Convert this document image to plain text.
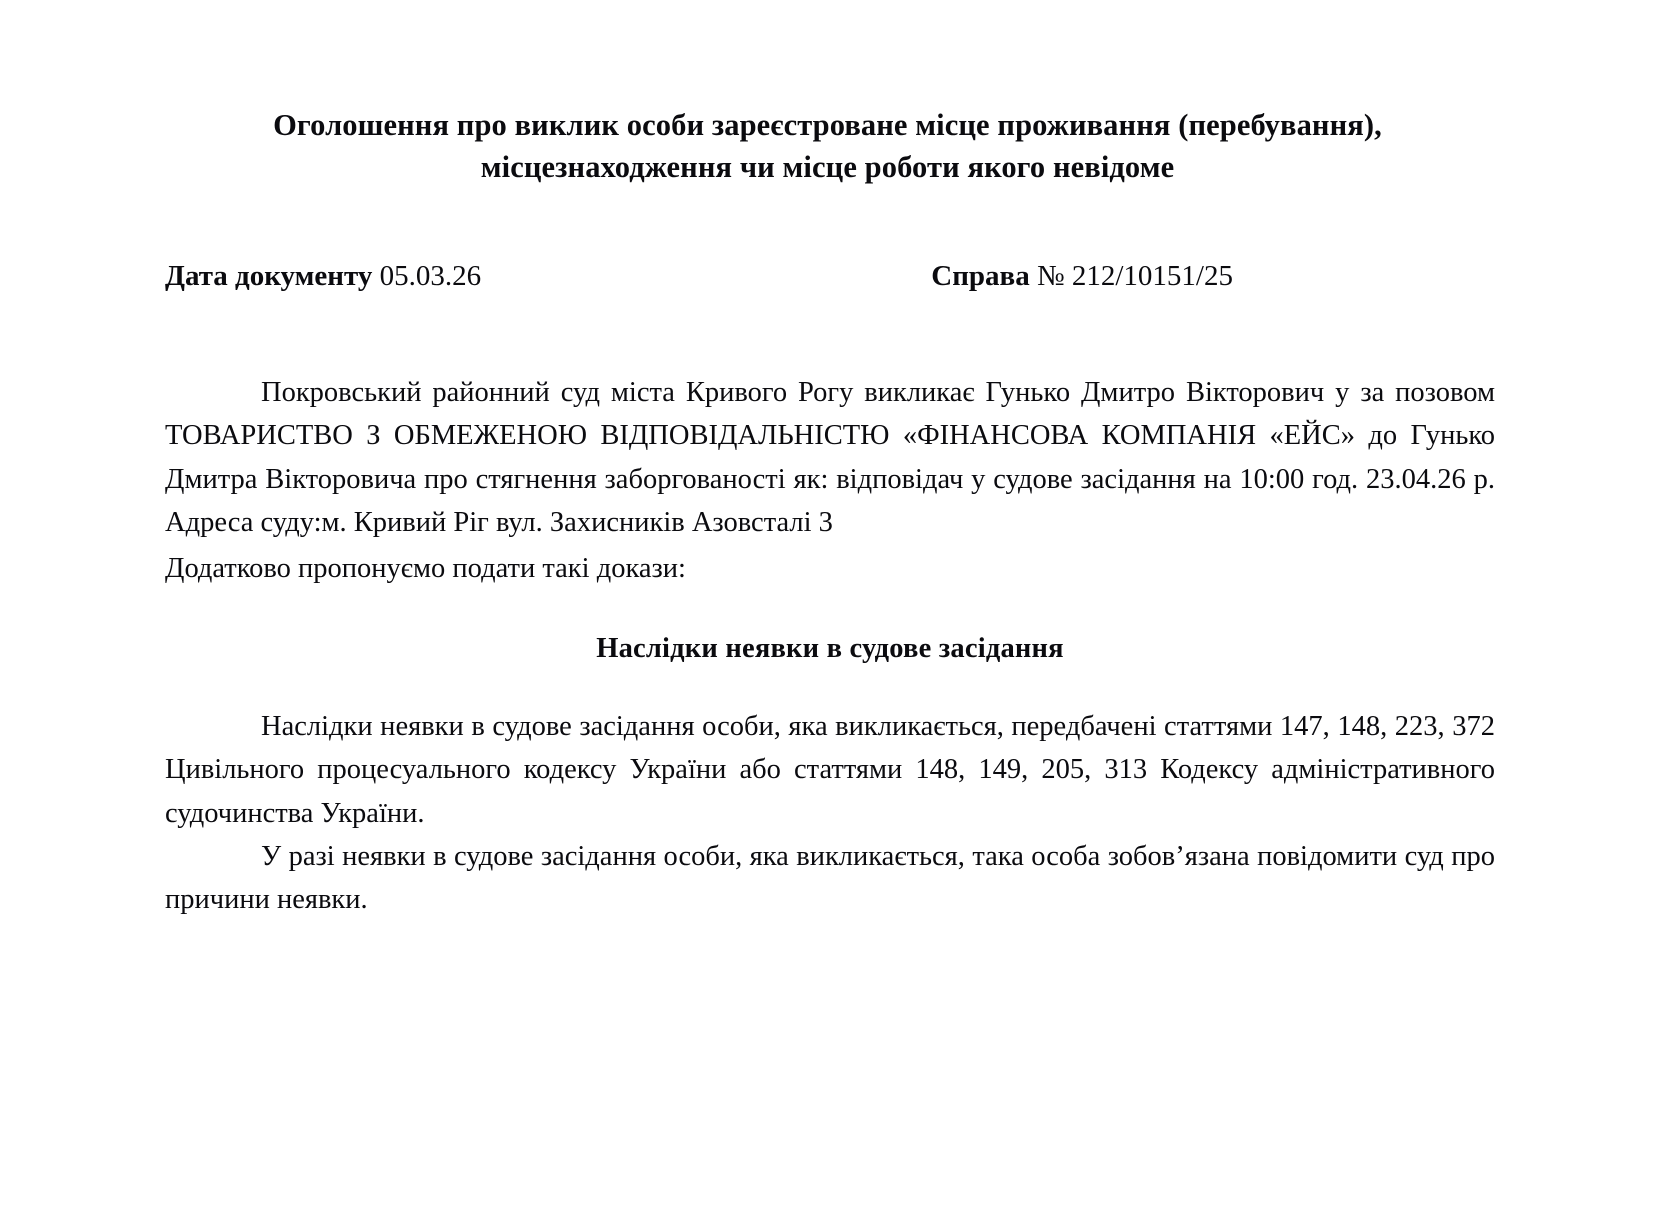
Оголошення про виклик особи зареєстроване місце проживання (перебування),
місцезнаходження чи місце роботи якого невідоме
Дата документу 05.03.26	Справа № 212/10151/25

Покровський районний суд міста Кривого Рогу викликає Гунько Дмитро Вікторович у за позовом ТОВАРИСТВО З ОБМЕЖЕНОЮ ВІДПОВІДАЛЬНІСТЮ «ФІНАНСОВА КОМПАНІЯ «ЕЙС» до Гунько Дмитра Вікторовича про стягнення заборгованості як: відповідач у судове засідання на 10:00 год. 23.04.26 р. Адреса суду:м. Кривий Ріг вул. Захисників Азовсталі 3

Додатково пропонуємо подати такі докази:

Наслідки неявки в судове засідання

Наслідки неявки в судове засідання особи, яка викликається, передбачені статтями 147, 148, 223, 372 Цивільного процесуального кодексу України або статтями 148, 149, 205, 313 Кодексу адміністративного судочинства України.

У разі неявки в судове засідання особи, яка викликається, така особа зобов’язана повідомити суд про причини неявки.
